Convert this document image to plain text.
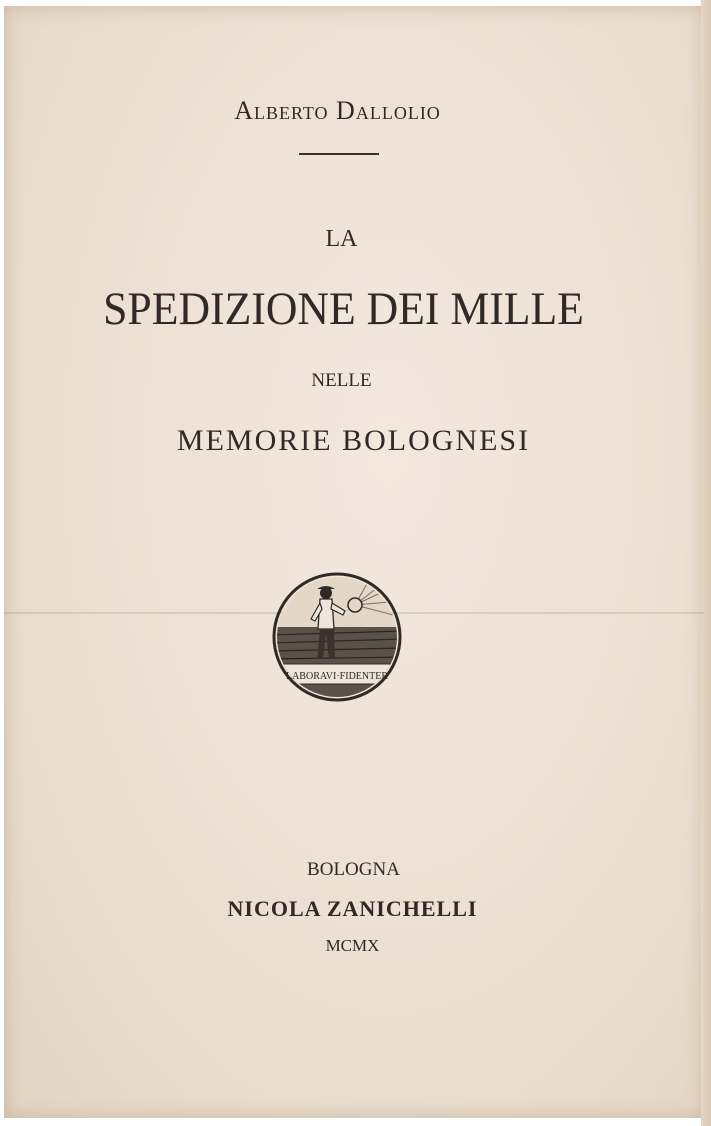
Alberto Dallolio
LA
SPEDIZIONE DEI MILLE
NELLE
MEMORIE BOLOGNESI
LABORAVI·FIDENTER
BOLOGNA
NICOLA ZANICHELLI
MCMX
